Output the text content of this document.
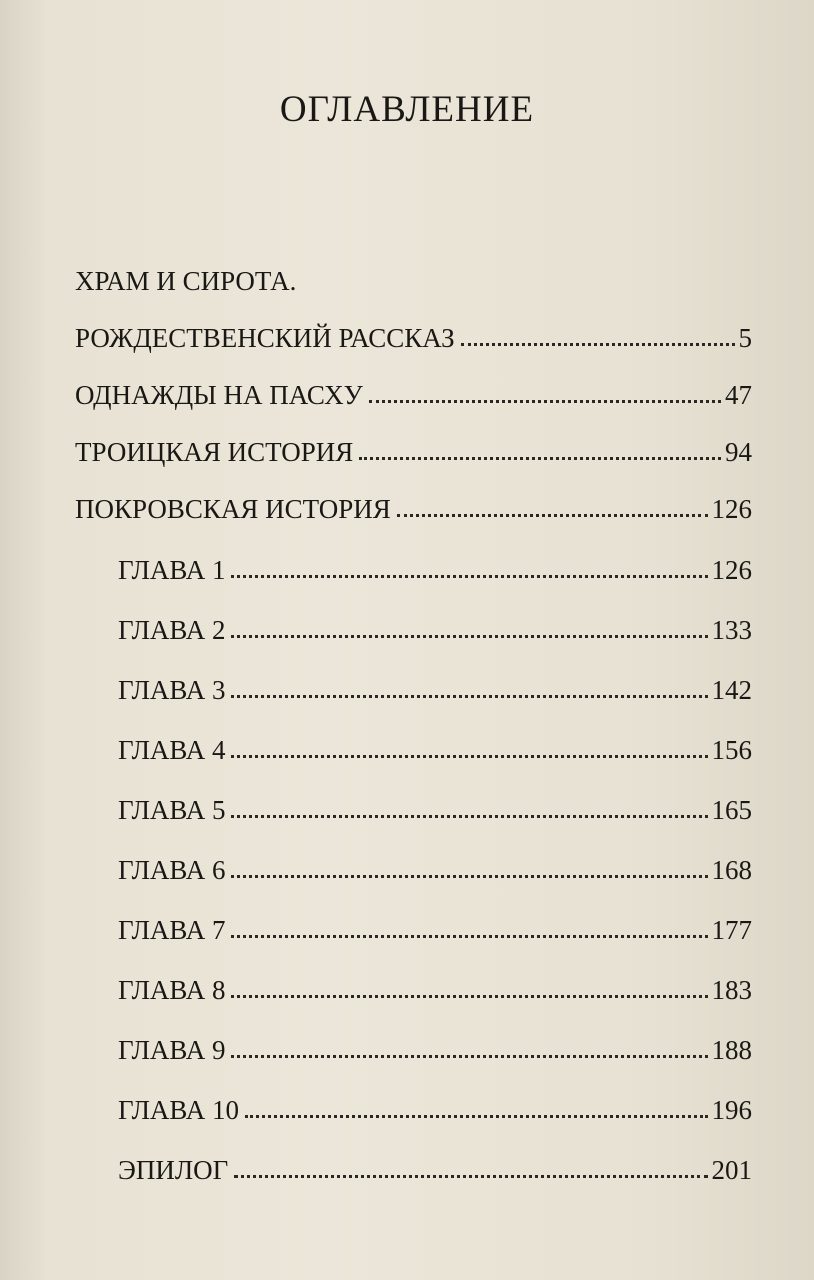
ОГЛАВЛЕНИЕ
ХРАМ И СИРОТА.
РОЖДЕСТВЕНСКИЙ РАССКАЗ	5
ОДНАЖДЫ НА ПАСХУ	47
ТРОИЦКАЯ ИСТОРИЯ	94
ПОКРОВСКАЯ ИСТОРИЯ	126
ГЛАВА 1	126
ГЛАВА 2	133
ГЛАВА 3	142
ГЛАВА 4	156
ГЛАВА 5	165
ГЛАВА 6	168
ГЛАВА 7	177
ГЛАВА 8	183
ГЛАВА 9	188
ГЛАВА 10	196
ЭПИЛОГ	201
